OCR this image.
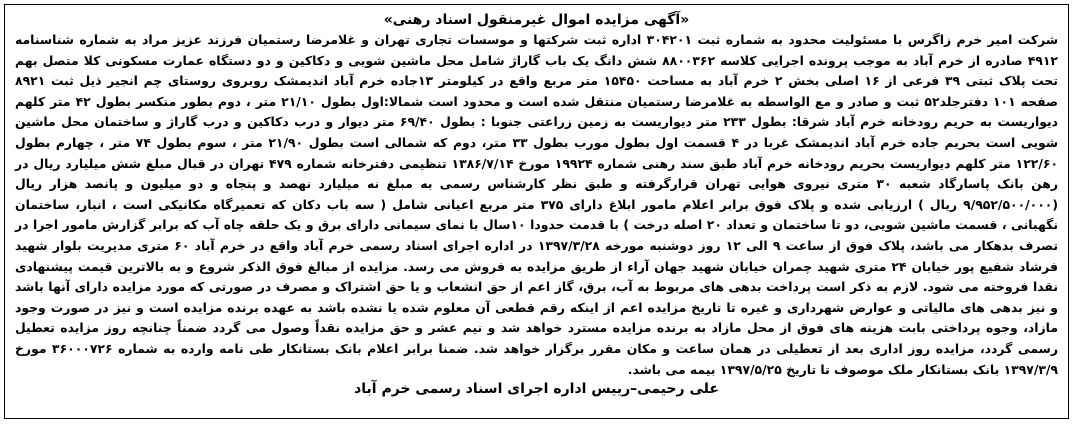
«آگهی مزایده اموال غیرمنقول اسناد رهنی»

شرکت امیر خرم زاگرس با مسئولیت محدود به شماره ثبت ۳۰۴۲۰۱ اداره ثبت شرکتها و موسسات تجاری تهران و غلامرضا رستمیان فرزند عزیز مراد به شماره شناسنامه ۴۹۱۲ صادره از خرم آباد به موجب پرونده اجرایی کلاسه ۸۸۰۰۳۶۲ شش دانگ یک باب گاراژ شامل محل ماشین شویی و دکاکین و دو دستگاه عمارت مسکونی کلا متصل بهم تحت پلاک ثبتی ۳۹ فرعی از ۱۶ اصلی بخش ۲ خرم آباد به مساحت ۱۵۴۵۰ متر مربع واقع در کیلومتر ۱۳جاده خرم آباد اندیمشک روبروی روستای چم انجیر ذیل ثبت ۸۹۲۱ صفحه ۱۰۱ دفترجلد۵۲ ثبت و صادر و مع الواسطه به غلامرضا رستمیان منتقل شده است و محدود است شمالا:اول بطول ۲۱/۱۰ متر ، دوم بطور منکسر بطول ۴۲ متر کلهم دیواریست به حریم رودخانه خرم آباد شرقا: بطول ۲۳۳ متر دیواریست به زمین زراعتی جنوبا : بطول ۶۹/۴۰ متر دیوار و درب دکاکین و درب گاراژ و ساختمان محل ماشین شویی است بحریم جاده خرم آباد اندیمشک غربا در ۴ قسمت اول بطول مورب بطول ۳۳ متر، دوم که شمالی است بطول ۲۱/۹۰ متر ، سوم بطول ۷۴ متر ، چهارم بطول ۱۲۲/۶۰ متر کلهم دیواریست بحریم رودخانه خرم آباد طبق سند رهنی شماره ۱۹۹۲۴ مورخ ۱۳۸۶/۷/۱۴ تنظیمی دفترخانه شماره ۴۷۹ تهران در قبال مبلغ شش میلیارد ریال در رهن بانک پاسارگاد شعبه ۳۰ متری نیروی هوایی تهران قرارگرفته و طبق نظر کارشناس رسمی به مبلغ نه میلیارد نهصد و پنجاه و دو میلیون و پانصد هزار ریال (۹/۹۵۲/۵۰۰/۰۰۰ ریال ) ارزیابی شده و پلاک فوق برابر اعلام مامور ابلاغ دارای ۳۷۵ متر مربع اعیانی شامل ( سه باب دکان که تعمیرگاه مکانیکی است ، انبار، ساختمان نگهبانی ، قسمت ماشین شویی، دو تا ساختمان و تعداد ۲۰ اصله درخت ) با قدمت حدودا ۱۰سال با نمای سیمانی دارای برق و یک حلقه چاه آب که برابر گزارش مامور اجرا در تصرف بدهکار می باشد، پلاک فوق از ساعت ۹ الی ۱۲ روز دوشنبه مورخه ۱۳۹۷/۳/۲۸ در اداره اجرای اسناد رسمی خرم آباد واقع در خرم آباد ۶۰ متری مدیریت بلوار شهید فرشاد شفیع پور خیابان ۲۴ متری شهید چمران خیابان شهید جهان آراء از طریق مزایده به فروش می رسد. مزایده از مبالغ فوق الذکر شروع و به بالاترین قیمت پیشنهادی نقدا فروخته می شود. لازم به ذکر است پرداخت بدهی های مربوط به آب، برق، گاز اعم از حق انشعاب و یا حق اشتراک و مصرف در صورتی که مورد مزایده دارای آنها باشد و نیز بدهی های مالیاتی و عوارض شهرداری و غیره تا تاریخ مزایده اعم از اینکه رقم قطعی آن معلوم شده یا نشده باشد به عهده برنده مزایده است و نیز در صورت وجود مازاد، وجوه پرداختی بابت هزینه های فوق از محل مازاد به برنده مزایده مسترد خواهد شد و نیم عشر و حق مزایده نقداً وصول می گردد ضمناً چنانچه روز مزایده تعطیل رسمی گردد، مزایده روز اداری بعد از تعطیلی در همان ساعت و مکان مقرر برگزار خواهد شد. ضمنا برابر اعلام بانک بستانکار طی نامه وارده به شماره ۳۶۰۰۰۷۲۶ مورخ ۱۳۹۷/۳/۹ بانک بستانکار ملک موصوف تا تاریخ ۱۳۹۷/۵/۲۵ بیمه می باشد.

علی رحیمی–رییس اداره اجرای اسناد رسمی خرم آباد
